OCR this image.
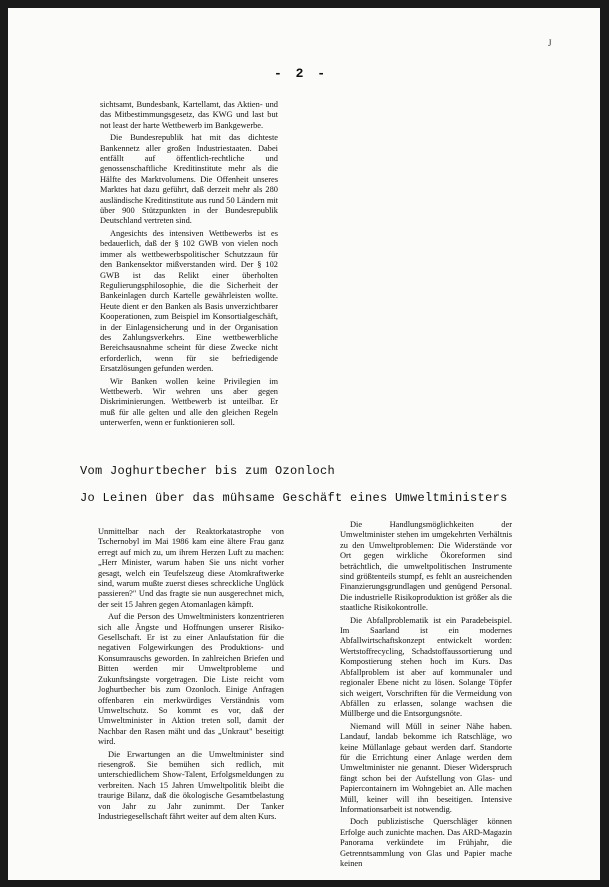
J
- 2 -

sichtsamt, Bundesbank, Kartellamt, das Aktien- und das Mitbestimmungsgesetz, das KWG und last but not least der harte Wettbewerb im Bankgewerbe.

Die Bundesrepublik hat mit das dichteste Bankennetz aller großen Industriestaaten. Dabei entfällt auf öffentlich-rechtliche und genossenschaftliche Kreditinstitute mehr als die Hälfte des Marktvolumens. Die Offenheit unseres Marktes hat dazu geführt, daß derzeit mehr als 280 ausländische Kreditinstitute aus rund 50 Ländern mit über 900 Stützpunkten in der Bundesrepublik Deutschland vertreten sind.

Angesichts des intensiven Wettbewerbs ist es bedauerlich, daß der § 102 GWB von vielen noch immer als wettbewerbspolitischer Schutzzaun für den Bankensektor mißverstanden wird. Der § 102 GWB ist das Relikt einer überholten Regulierungsphilosophie, die die Sicherheit der Bankeinlagen durch Kartelle gewährleisten wollte. Heute dient er den Banken als Basis unverzichtbarer Kooperationen, zum Beispiel im Konsortialgeschäft, in der Einlagensicherung und in der Organisation des Zahlungsverkehrs. Eine wettbewerbliche Bereichsausnahme scheint für diese Zwecke nicht erforderlich, wenn für sie befriedigende Ersatzlösungen gefunden werden.

Wir Banken wollen keine Privilegien im Wettbewerb. Wir wehren uns aber gegen Diskriminierungen. Wettbewerb ist unteilbar. Er muß für alle gelten und alle den gleichen Regeln unterwerfen, wenn er funktionieren soll.

Vom Joghurtbecher bis zum Ozonloch
Jo Leinen über das mühsame Geschäft eines Umweltministers

Unmittelbar nach der Reaktorkatastrophe von Tschernobyl im Mai 1986 kam eine ältere Frau ganz erregt auf mich zu, um ihrem Herzen Luft zu machen: „Herr Minister, warum haben Sie uns nicht vorher gesagt, welch ein Teufelszeug diese Atomkraftwerke sind, warum mußte zuerst dieses schreckliche Unglück passieren?" Und das fragte sie nun ausgerechnet mich, der seit 15 Jahren gegen Atomanlagen kämpft.

Auf die Person des Umweltministers konzentrieren sich alle Ängste und Hoffnungen unserer Risiko-Gesellschaft. Er ist zu einer Anlaufstation für die negativen Folgewirkungen des Produktions- und Konsumrauschs geworden. In zahlreichen Briefen und Bitten werden mir Umweltprobleme und Zukunftsängste vorgetragen. Die Liste reicht vom Joghurtbecher bis zum Ozonloch. Einige Anfragen offenbaren ein merkwürdiges Verständnis vom Umweltschutz. So kommt es vor, daß der Umweltminister in Aktion treten soll, damit der Nachbar den Rasen mäht und das „Unkraut" beseitigt wird.

Die Erwartungen an die Umweltminister sind riesengroß. Sie bemühen sich redlich, mit unterschiedlichem Show-Talent, Erfolgsmeldungen zu verbreiten. Nach 15 Jahren Umweltpolitik bleibt die traurige Bilanz, daß die ökologische Gesamtbelastung von Jahr zu Jahr zunimmt. Der Tanker Industriegesellschaft fährt weiter auf dem alten Kurs.

Die Handlungsmöglichkeiten der Umweltminister stehen im umgekehrten Verhältnis zu den Umweltproblemen: Die Widerstände vor Ort gegen wirkliche Ökoreformen sind beträchtlich, die umweltpolitischen Instrumente sind größtenteils stumpf, es fehlt an ausreichenden Finanzierungsgrundlagen und genügend Personal. Die industrielle Risikoproduktion ist größer als die staatliche Risikokontrolle.

Die Abfallproblematik ist ein Paradebeispiel. Im Saarland ist ein modernes Abfallwirtschaftskonzept entwickelt worden: Wertstoffrecycling, Schadstoffaussortierung und Kompostierung stehen hoch im Kurs. Das Abfallproblem ist aber auf kommunaler und regionaler Ebene nicht zu lösen. Solange Töpfer sich weigert, Vorschriften für die Vermeidung von Abfällen zu erlassen, solange wachsen die Müllberge und die Entsorgungsnöte.

Niemand will Müll in seiner Nähe haben. Landauf, landab bekomme ich Ratschläge, wo keine Müllanlage gebaut werden darf. Standorte für die Errichtung einer Anlage werden dem Umweltminister nie genannt. Dieser Widerspruch fängt schon bei der Aufstellung von Glas- und Papiercontainern im Wohngebiet an. Alle machen Müll, keiner will ihn beseitigen. Intensive Informationsarbeit ist notwendig.

Doch publizistische Querschläger können Erfolge auch zunichte machen. Das ARD-Magazin Panorama verkündete im Frühjahr, die Getrenntsammlung von Glas und Papier mache keinen
